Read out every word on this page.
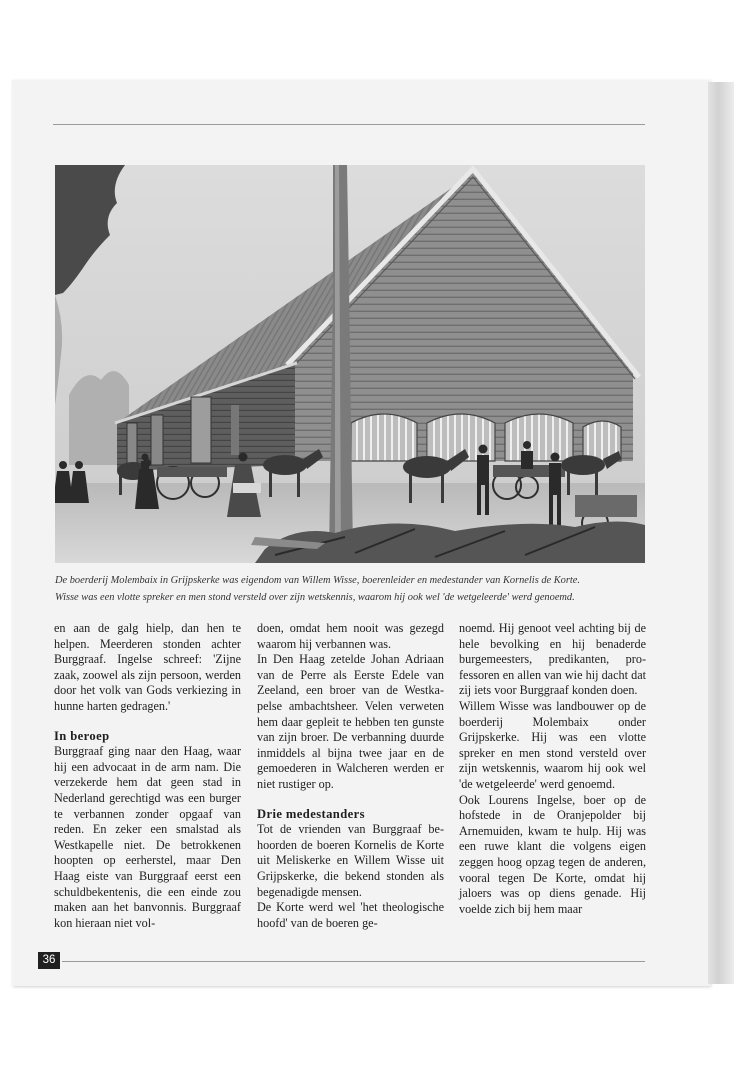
De boerderij Molembaix in Grijpskerke was eigendom van Willem Wisse, boerenleider en medestander van Kornelis de Korte.
Wisse was een vlotte spreker en men stond versteld over zijn wetskennis, waarom hij ook wel 'de wetgeleerde' werd genoemd.

en aan de galg hielp, dan hen te helpen. Meerderen stonden achter Burggraaf. Ingelse schreef: 'Zijne zaak, zoowel als zijn persoon, werden door het volk van Gods verkiezing in hunne harten gedragen.'

In beroep

Burggraaf ging naar den Haag, waar hij een advocaat in de arm nam. Die verzekerde hem dat geen stad in Nederland gerechtigd was een burger te verbannen zonder opgaaf van reden. En zeker een smalstad als Westkapelle niet. De betrokkenen hoopten op eerherstel, maar Den Haag eiste van Burggraaf eerst een schuldbekentenis, die een einde zou maken aan het banvonnis. Burggraaf kon hieraan niet vol-

doen, omdat hem nooit was gezegd waarom hij verbannen was.

In Den Haag zetelde Johan Adriaan van de Perre als Eerste Edele van Zeeland, een broer van de Westkapelse ambachtsheer. Velen verweten hem daar gepleit te hebben ten gunste van zijn broer. De verbanning duurde inmiddels al bijna twee jaar en de gemoederen in Walcheren werden er niet rustiger op.

Drie medestanders

Tot de vrienden van Burggraaf behoorden de boeren Kornelis de Korte uit Meliskerke en Willem Wisse uit Grijpskerke, die bekend stonden als begenadigde mensen.

De Korte werd wel 'het theologische hoofd' van de boeren ge-

noemd. Hij genoot veel achting bij de hele bevolking en hij benaderde burgemeesters, predikanten, professoren en allen van wie hij dacht dat zij iets voor Burggraaf konden doen.

Willem Wisse was landbouwer op de boerderij Molembaix onder Grijpskerke. Hij was een vlotte spreker en men stond versteld over zijn wetskennis, waarom hij ook wel 'de wetgeleerde' werd genoemd.

Ook Lourens Ingelse, boer op de hofstede in de Oranjepolder bij Arnemuiden, kwam te hulp. Hij was een ruwe klant die volgens eigen zeggen hoog opzag tegen de anderen, vooral tegen De Korte, omdat hij jaloers was op diens genade. Hij voelde zich bij hem maar

36
